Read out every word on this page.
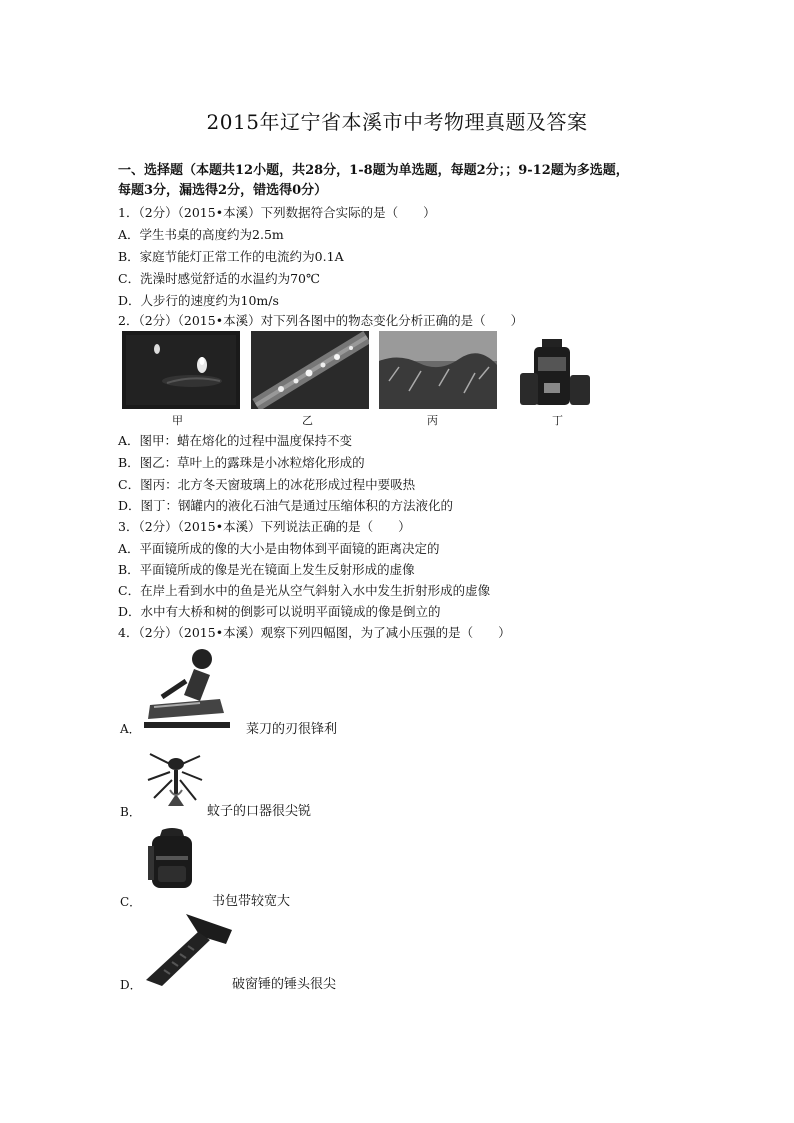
2015年辽宁省本溪市中考物理真题及答案
一、选择题（本题共12小题，共28分，1-8题为单选题，每题2分；；9-12题为多选题，
每题3分，漏选得2分，错选得0分）
1．（2分）（2015•本溪）下列数据符合实际的是（　　）
A．学生书桌的高度约为2.5m
B．家庭节能灯正常工作的电流约为0.1A
C．洗澡时感觉舒适的水温约为70℃
D．人步行的速度约为10m/s
2．（2分）（2015•本溪）对下列各图中的物态变化分析正确的是（　　）
甲	乙	丙	丁
A．图甲：蜡在熔化的过程中温度保持不变
B．图乙：草叶上的露珠是小冰粒熔化形成的
C．图丙：北方冬天窗玻璃上的冰花形成过程中要吸热
D．图丁：钢罐内的液化石油气是通过压缩体积的方法液化的
3．（2分）（2015•本溪）下列说法正确的是（　　）
A．平面镜所成的像的大小是由物体到平面镜的距离决定的
B．平面镜所成的像是光在镜面上发生反射形成的虚像
C．在岸上看到水中的鱼是光从空气斜射入水中发生折射形成的虚像
D．水中有大桥和树的倒影可以说明平面镜成的像是倒立的
4．（2分）（2015•本溪）观察下列四幅图，为了减小压强的是（　　）
A．	菜刀的刃很锋利
B．	蚊子的口器很尖锐
C．	书包带较宽大
D．	破窗锤的锤头很尖
